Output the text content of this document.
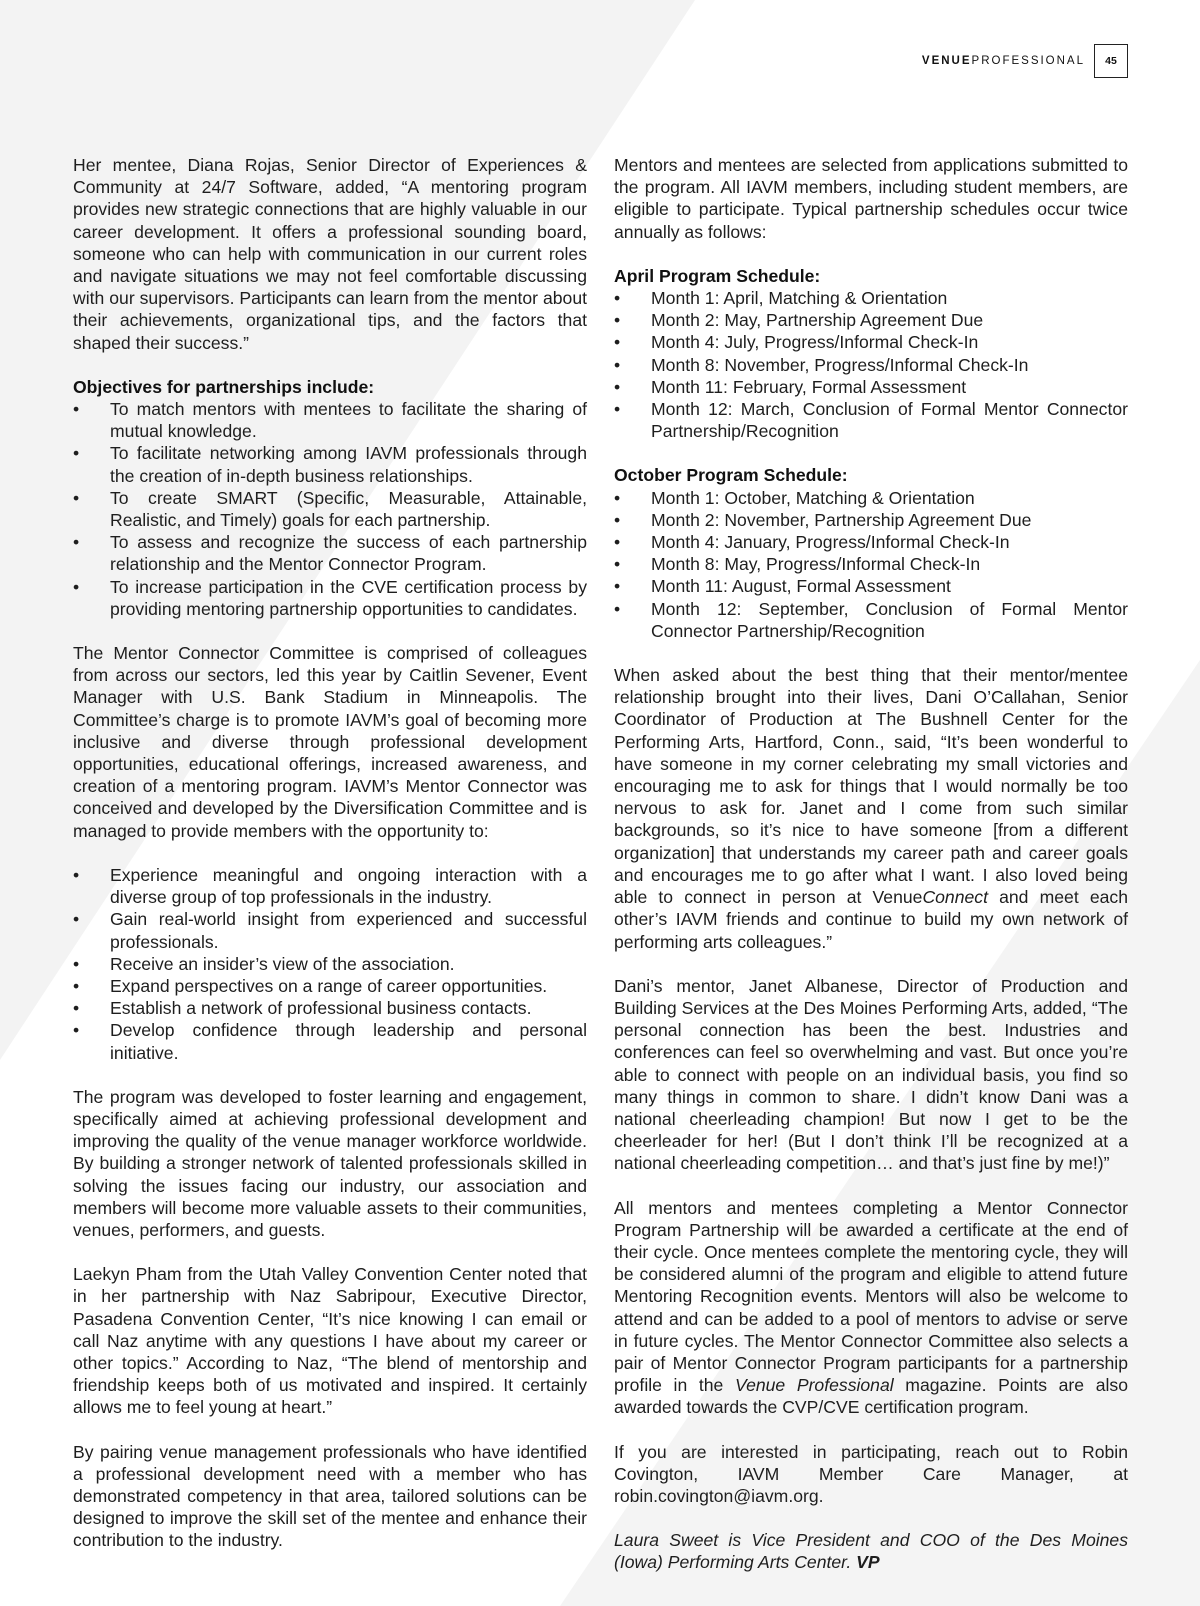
VENUEPROFESSIONAL	45

Her mentee, Diana Rojas, Senior Director of Experiences & Community at 24/7 Software, added, “A mentoring program provides new strategic connections that are highly valuable in our career development. It offers a professional sounding board, someone who can help with communication in our current roles and navigate situations we may not feel comfortable discussing with our supervisors. Participants can learn from the mentor about their achievements, organizational tips, and the factors that shaped their success.”

Objectives for partnerships include:
•	To match mentors with mentees to facilitate the sharing of mutual knowledge.
•	To facilitate networking among IAVM professionals through the creation of in-depth business relationships.
•	To create SMART (Specific, Measurable, Attainable, Realistic, and Timely) goals for each partnership.
•	To assess and recognize the success of each partnership relationship and the Mentor Connector Program.
•	To increase participation in the CVE certification process by providing mentoring partnership opportunities to candidates.

The Mentor Connector Committee is comprised of colleagues from across our sectors, led this year by Caitlin Sevener, Event Manager with U.S. Bank Stadium in Minneapolis. The Committee’s charge is to promote IAVM’s goal of becoming more inclusive and diverse through professional development opportunities, educational offerings, increased awareness, and creation of a mentoring program. IAVM’s Mentor Connector was conceived and developed by the Diversification Committee and is managed to provide members with the opportunity to:

•	Experience meaningful and ongoing interaction with a diverse group of top professionals in the industry.
•	Gain real-world insight from experienced and successful professionals.
•	Receive an insider’s view of the association.
•	Expand perspectives on a range of career opportunities.
•	Establish a network of professional business contacts.
•	Develop confidence through leadership and personal initiative.

The program was developed to foster learning and engagement, specifically aimed at achieving professional development and improving the quality of the venue manager workforce worldwide. By building a stronger network of talented professionals skilled in solving the issues facing our industry, our association and members will become more valuable assets to their communities, venues, performers, and guests.

Laekyn Pham from the Utah Valley Convention Center noted that in her partnership with Naz Sabripour, Executive Director, Pasadena Convention Center, “It’s nice knowing I can email or call Naz anytime with any questions I have about my career or other topics.” According to Naz, “The blend of mentorship and friendship keeps both of us motivated and inspired. It certainly allows me to feel young at heart.”

By pairing venue management professionals who have identified a professional development need with a member who has demonstrated competency in that area, tailored solutions can be designed to improve the skill set of the mentee and enhance their contribution to the industry.

Mentors and mentees are selected from applications submitted to the program. All IAVM members, including student members, are eligible to participate. Typical partnership schedules occur twice annually as follows:

April Program Schedule:
•	Month 1: April, Matching & Orientation
•	Month 2: May, Partnership Agreement Due
•	Month 4: July, Progress/Informal Check-In
•	Month 8: November, Progress/Informal Check-In
•	Month 11: February, Formal Assessment
•	Month 12: March, Conclusion of Formal Mentor Connector Partnership/Recognition
October Program Schedule:
•	Month 1: October, Matching & Orientation
•	Month 2: November, Partnership Agreement Due
•	Month 4: January, Progress/Informal Check-In
•	Month 8: May, Progress/Informal Check-In
•	Month 11: August, Formal Assessment
•	Month 12: September, Conclusion of Formal Mentor Connector Partnership/Recognition

When asked about the best thing that their mentor/mentee relationship brought into their lives, Dani O’Callahan, Senior Coordinator of Production at The Bushnell Center for the Performing Arts, Hartford, Conn., said, “It’s been wonderful to have someone in my corner celebrating my small victories and encouraging me to ask for things that I would normally be too nervous to ask for. Janet and I come from such similar backgrounds, so it’s nice to have someone [from a different organization] that understands my career path and career goals and encourages me to go after what I want. I also loved being able to connect in person at VenueConnect and meet each other’s IAVM friends and continue to build my own network of performing arts colleagues.”

Dani’s mentor, Janet Albanese, Director of Production and Building Services at the Des Moines Performing Arts, added, “The personal connection has been the best. Industries and conferences can feel so overwhelming and vast. But once you’re able to connect with people on an individual basis, you find so many things in common to share. I didn’t know Dani was a national cheerleading champion! But now I get to be the cheerleader for her! (But I don’t think I’ll be recognized at a national cheerleading competition… and that’s just fine by me!)”

All mentors and mentees completing a Mentor Connector Program Partnership will be awarded a certificate at the end of their cycle. Once mentees complete the mentoring cycle, they will be considered alumni of the program and eligible to attend future Mentoring Recognition events. Mentors will also be welcome to attend and can be added to a pool of mentors to advise or serve in future cycles. The Mentor Connector Committee also selects a pair of Mentor Connector Program participants for a partnership profile in the Venue Professional magazine. Points are also awarded towards the CVP/CVE certification program.

If you are interested in participating, reach out to Robin Covington, IAVM Member Care Manager, at robin.covington@iavm.org.

Laura Sweet is Vice President and COO of the Des Moines (Iowa) Performing Arts Center. VP
